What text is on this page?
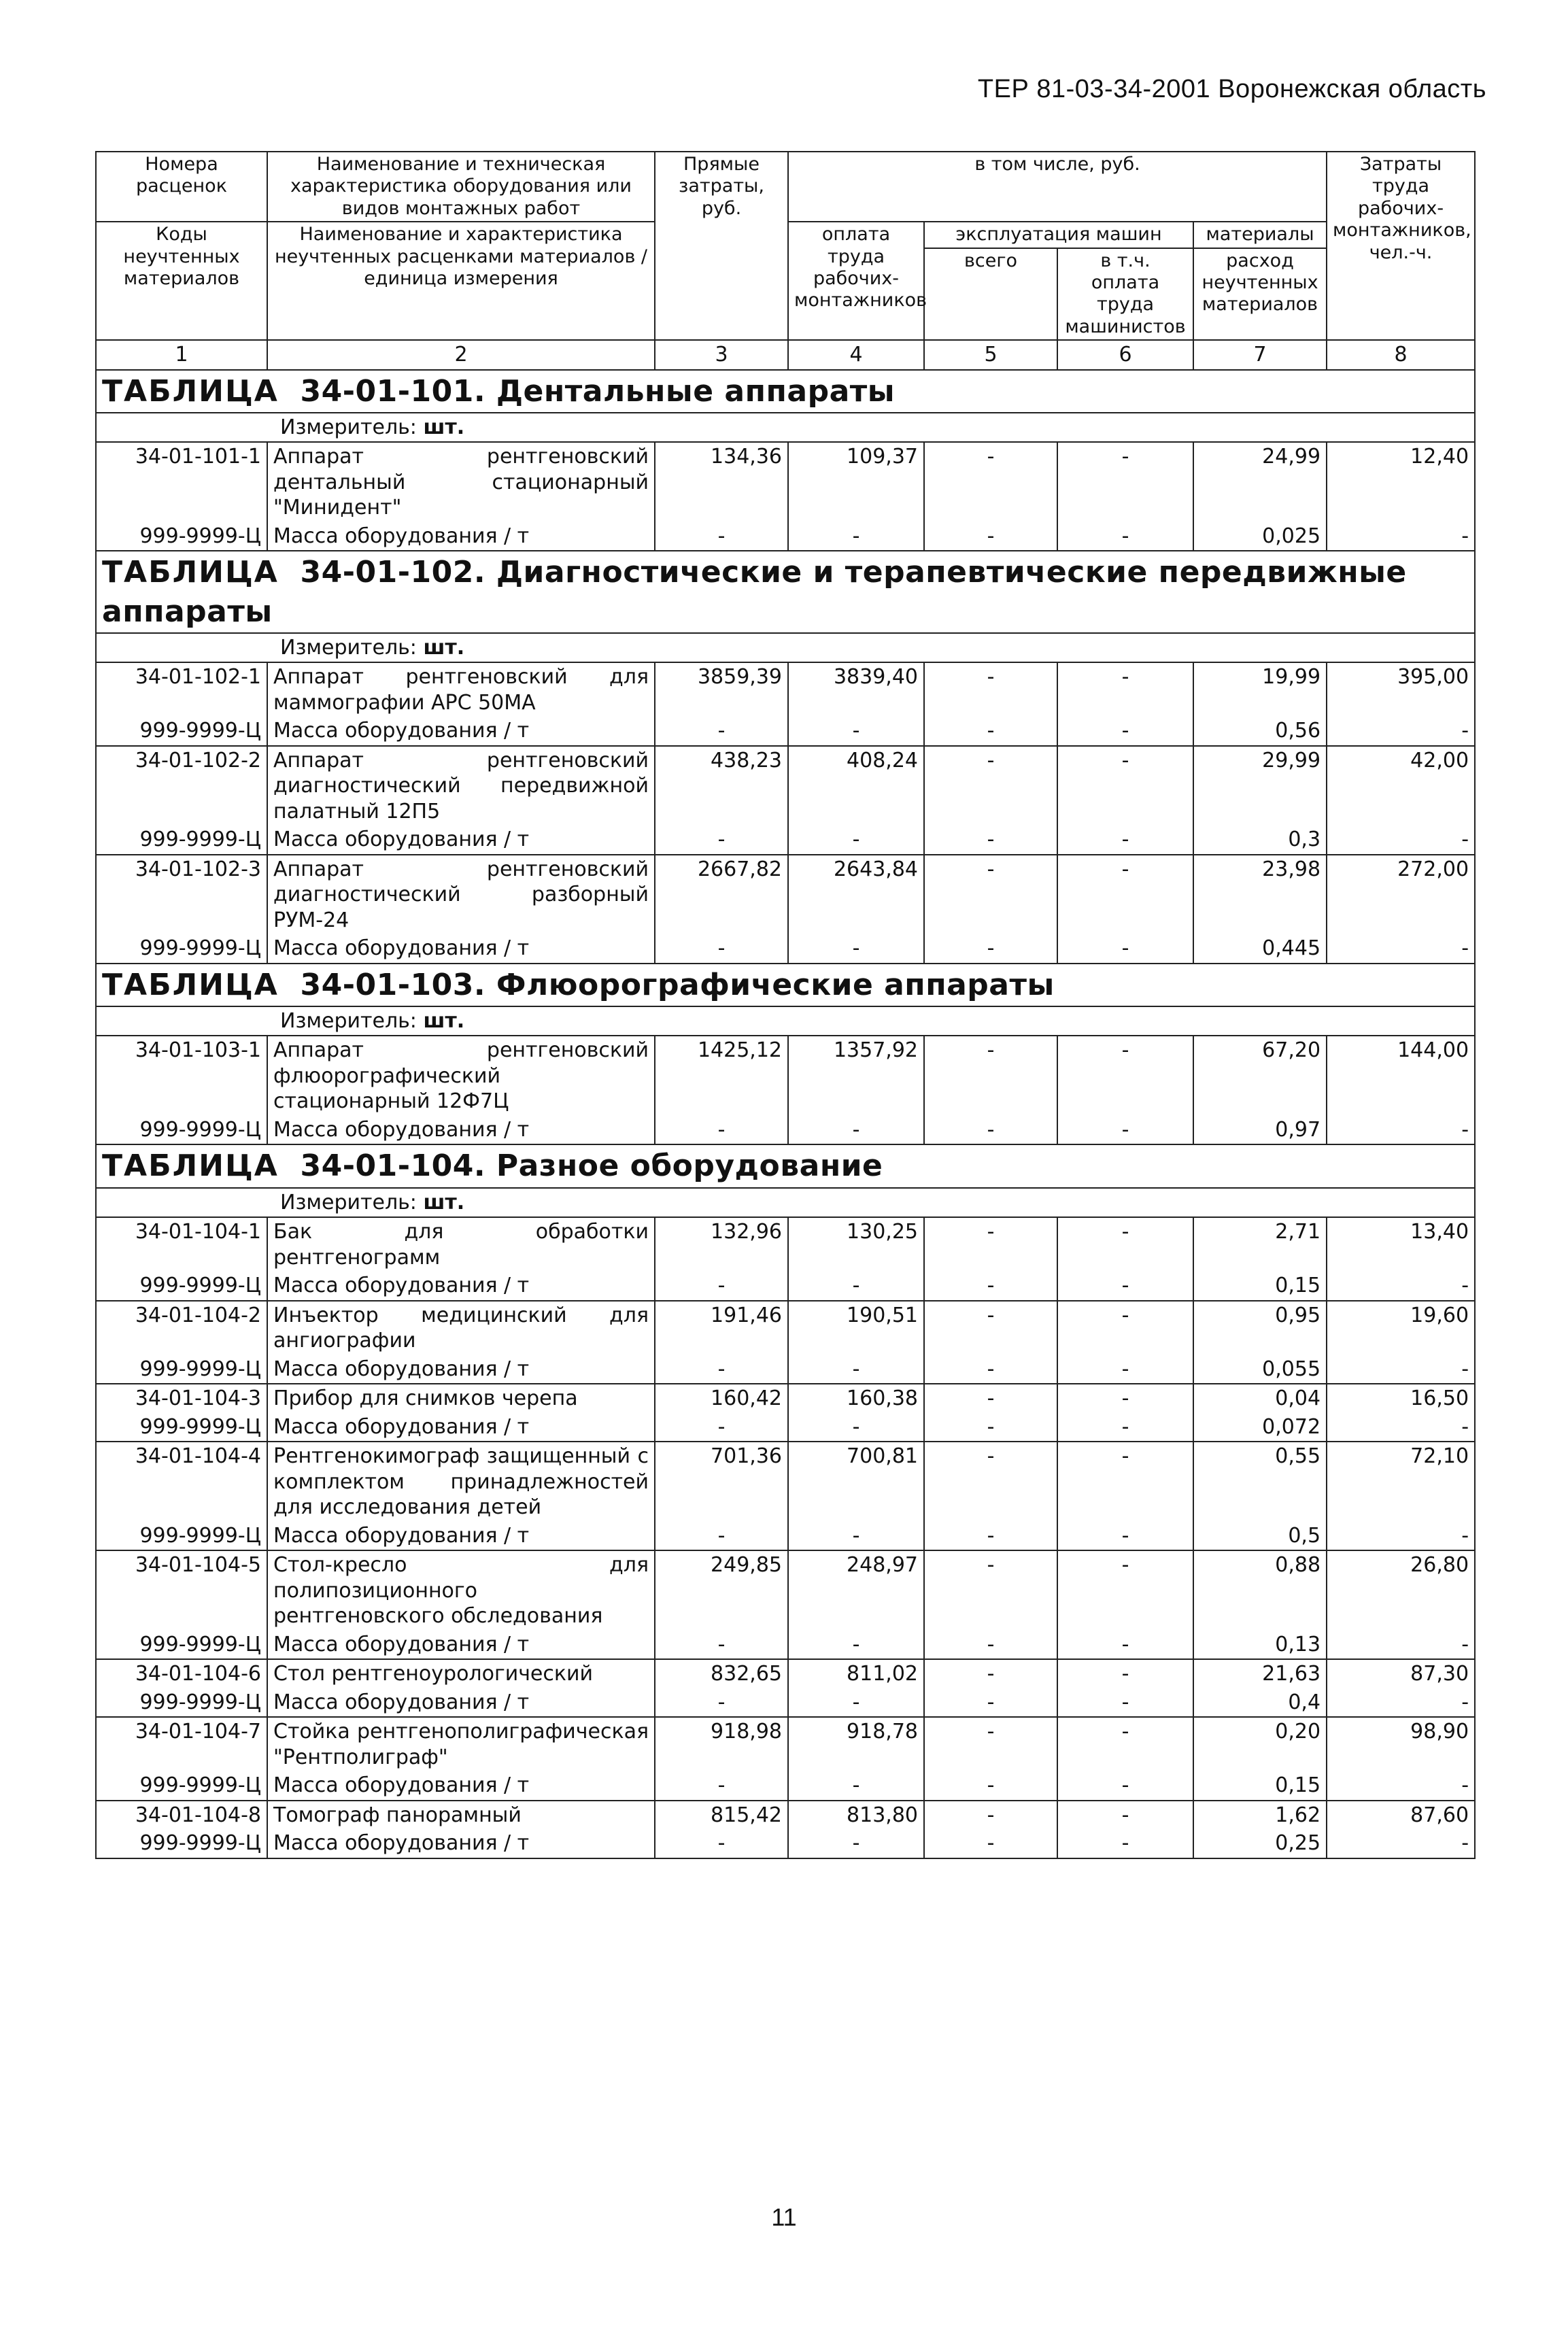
ТЕР 81-03-34-2001 Воронежская область
Номера расценок	Наименование и техническая характеристика оборудования или видов монтажных работ	Прямые затраты, руб.	в том числе, руб.				Затраты труда рабочих-монтажников, чел.-ч.
Коды неучтенных материалов	Наименование и характеристика неучтенных расценками материалов / единица измерения		оплата труда рабочих-монтажников	эксплуатация машин		материалы	
				всего	в т.ч. оплата труда машинистов	расход неучтенных материалов	
1	2	3	4	5	6	7	8

ТАБЛИЦА 34-01-101. Дентальные аппараты							

Измеритель: шт.							

34-01-101-1	Аппарат рентгеновский дентальный стационарный "Минидент"	134,36	109,37	-	-	24,99	12,40
999-9999-Ц	Масса оборудования / т	-	-	-	-	0,025	-

ТАБЛИЦА 34-01-102. Диагностические и терапевтические передвижные аппараты							

Измеритель: шт.							

34-01-102-1	Аппарат рентгеновский для маммографии АРС 50МА	3859,39	3839,40	-	-	19,99	395,00
999-9999-Ц	Масса оборудования / т	-	-	-	-	0,56	-
34-01-102-2	Аппарат рентгеновский диагностический передвижной палатный 12П5	438,23	408,24	-	-	29,99	42,00
999-9999-Ц	Масса оборудования / т	-	-	-	-	0,3	-
34-01-102-3	Аппарат рентгеновский диагностический разборный РУМ-24	2667,82	2643,84	-	-	23,98	272,00
999-9999-Ц	Масса оборудования / т	-	-	-	-	0,445	-

ТАБЛИЦА 34-01-103. Флюорографические аппараты							

Измеритель: шт.							

34-01-103-1	Аппарат рентгеновский флюорографический стационарный 12Ф7Ц	1425,12	1357,92	-	-	67,20	144,00
999-9999-Ц	Масса оборудования / т	-	-	-	-	0,97	-

ТАБЛИЦА 34-01-104. Разное оборудование							

Измеритель: шт.							

34-01-104-1	Бак для обработки рентгенограмм	132,96	130,25	-	-	2,71	13,40
999-9999-Ц	Масса оборудования / т	-	-	-	-	0,15	-
34-01-104-2	Инъектор медицинский для ангиографии	191,46	190,51	-	-	0,95	19,60
999-9999-Ц	Масса оборудования / т	-	-	-	-	0,055	-
34-01-104-3	Прибор для снимков черепа	160,42	160,38	-	-	0,04	16,50
999-9999-Ц	Масса оборудования / т	-	-	-	-	0,072	-
34-01-104-4	Рентгенокимограф защищенный с комплектом принадлежностей для исследования детей	701,36	700,81	-	-	0,55	72,10
999-9999-Ц	Масса оборудования / т	-	-	-	-	0,5	-
34-01-104-5	Стол-кресло для полипозиционного рентгеновского обследования	249,85	248,97	-	-	0,88	26,80
999-9999-Ц	Масса оборудования / т	-	-	-	-	0,13	-
34-01-104-6	Стол рентгеноурологический	832,65	811,02	-	-	21,63	87,30
999-9999-Ц	Масса оборудования / т	-	-	-	-	0,4	-
34-01-104-7	Стойка рентгенополиграфическая "Рентполиграф"	918,98	918,78	-	-	0,20	98,90
999-9999-Ц	Масса оборудования / т	-	-	-	-	0,15	-
34-01-104-8	Томограф панорамный	815,42	813,80	-	-	1,62	87,60
999-9999-Ц	Масса оборудования / т	-	-	-	-	0,25	-
11
